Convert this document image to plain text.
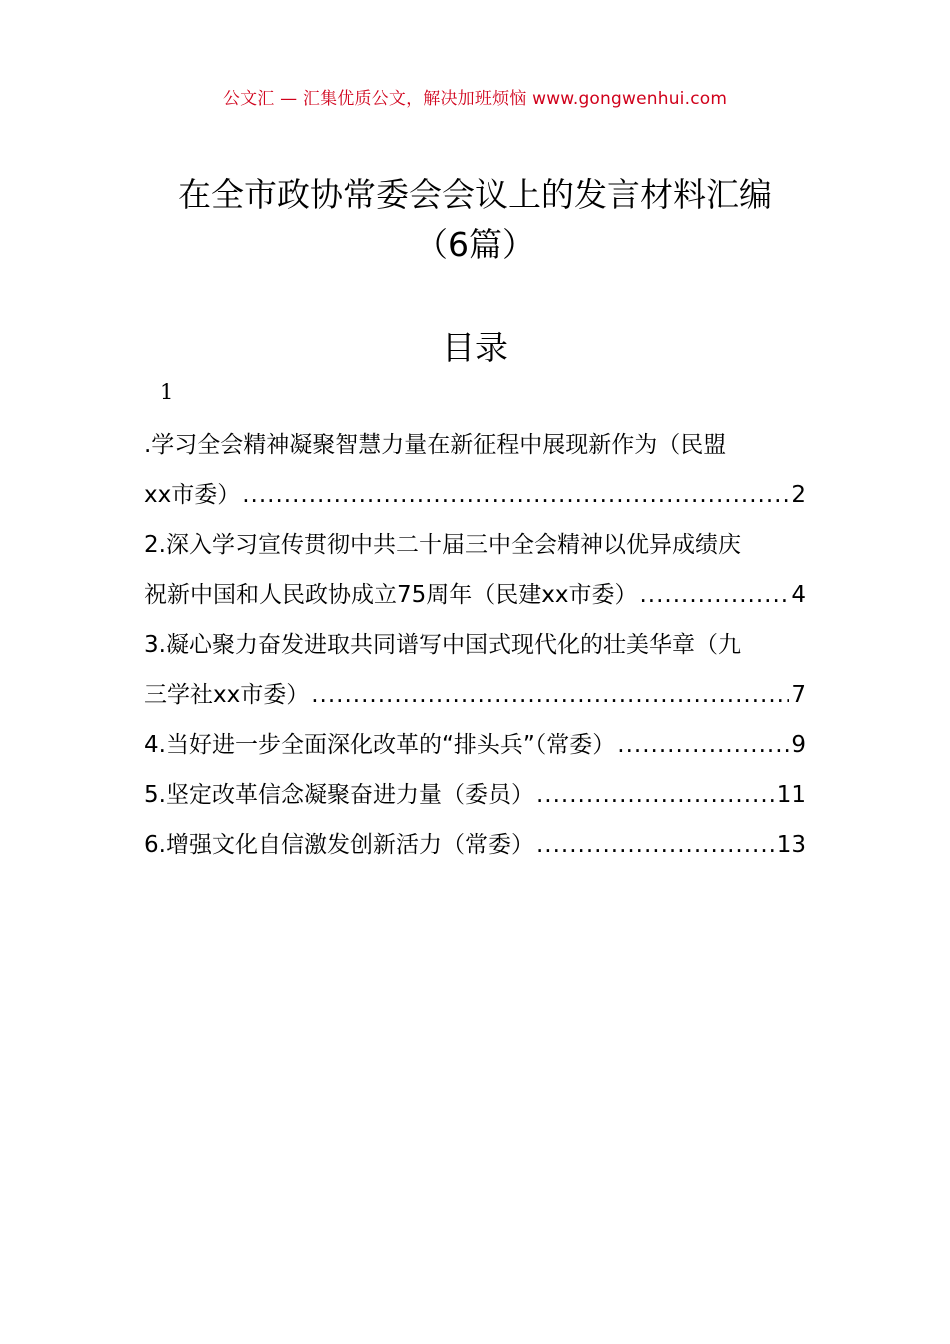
公文汇 — 汇集优质公文，解决加班烦恼 www.gongwenhui.com
在全市政协常委会会议上的发言材料汇编
（6篇）
目录
1
.学习全会精神凝聚智慧力量在新征程中展现新作为（民盟
xx市委） .....	2
2.深入学习宣传贯彻中共二十届三中全会精神以优异成绩庆
祝新中国和人民政协成立75周年（民建xx市委） .....	4
3.凝心聚力奋发进取共同谱写中国式现代化的壮美华章（九
三学社xx市委） .....	7
4.当好进一步全面深化改革的“排头兵”（常委） .....	9
5.坚定改革信念凝聚奋进力量（委员） .....	11
6.增强文化自信激发创新活力（常委） .....	13
